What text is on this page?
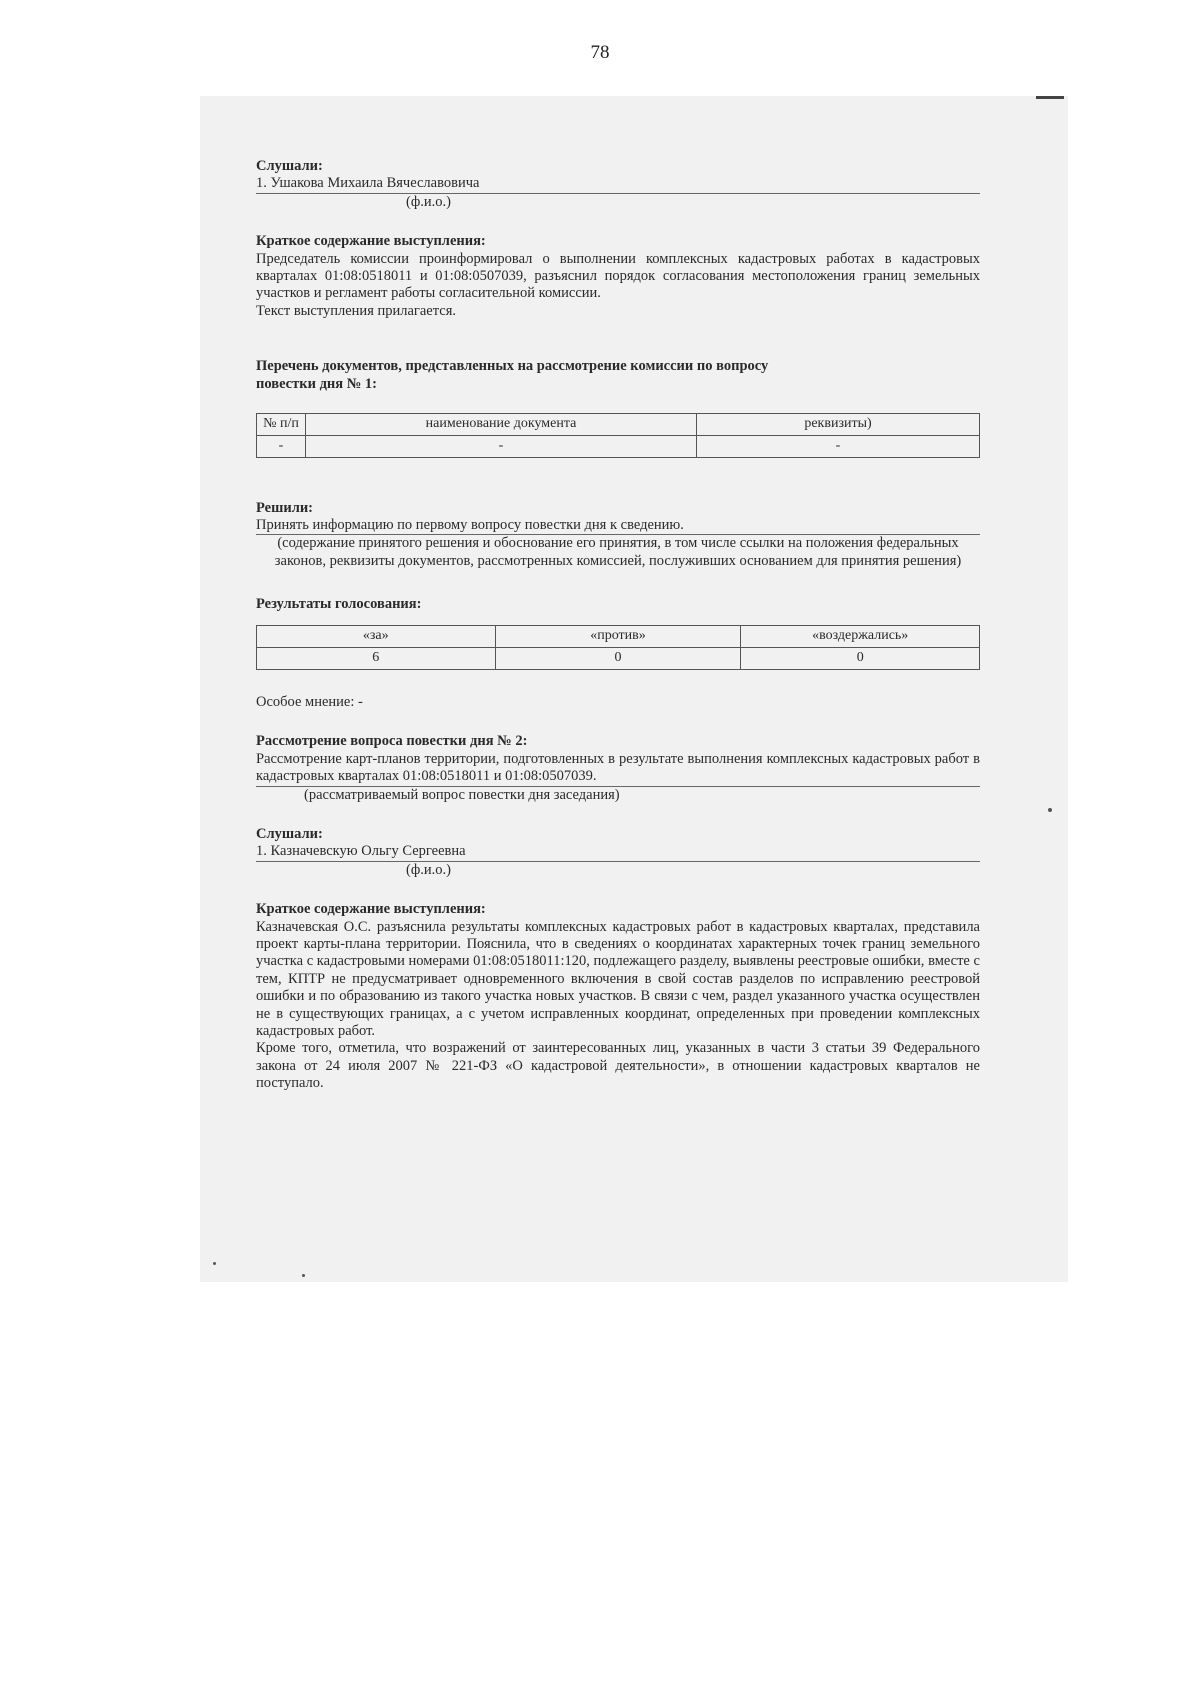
78
Слушали:
1. Ушакова Михаила Вячеславовича
(ф.и.о.)
Краткое содержание выступления:
Председатель комиссии проинформировал о выполнении комплексных кадастровых работах в кадастровых кварталах 01:08:0518011 и 01:08:0507039, разъяснил порядок согласования местоположения границ земельных участков и регламент работы согласительной комиссии.
Текст выступления прилагается.
Перечень документов, представленных на рассмотрение комиссии по вопросу
повестки дня № 1:
№ п/п	наименование документа	реквизиты)
-	-	-
Решили:
Принять информацию по первому вопросу повестки дня к сведению.
(содержание принятого решения и обоснование его принятия, в том числе ссылки на положения федеральных законов, реквизиты документов, рассмотренных комиссией, послуживших основанием для принятия решения)
Результаты голосования:
«за»	«против»	«воздержались»
6	0	0
Особое мнение: -
Рассмотрение вопроса повестки дня № 2:
Рассмотрение карт-планов территории, подготовленных в результате выполнения комплексных кадастровых работ в кадастровых кварталах 01:08:0518011 и 01:08:0507039.
(рассматриваемый вопрос повестки дня заседания)
Слушали:
1. Казначевскую Ольгу Сергеевна
(ф.и.о.)
Краткое содержание выступления:
Казначевская О.С. разъяснила результаты комплексных кадастровых работ в кадастровых кварталах, представила проект карты-плана территории. Пояснила, что в сведениях о координатах характерных точек границ земельного участка с кадастровыми номерами 01:08:0518011:120, подлежащего разделу, выявлены реестровые ошибки, вместе с тем, КПТР не предусматривает одновременного включения в свой состав разделов по исправлению реестровой ошибки и по образованию из такого участка новых участков. В связи с чем, раздел указанного участка осуществлен не в существующих границах, а с учетом исправленных координат, определенных при проведении комплексных кадастровых работ.
Кроме того, отметила, что возражений от заинтересованных лиц, указанных в части 3 статьи 39 Федерального закона от 24 июля 2007 № 221-ФЗ «О кадастровой деятельности», в отношении кадастровых кварталов не поступало.
